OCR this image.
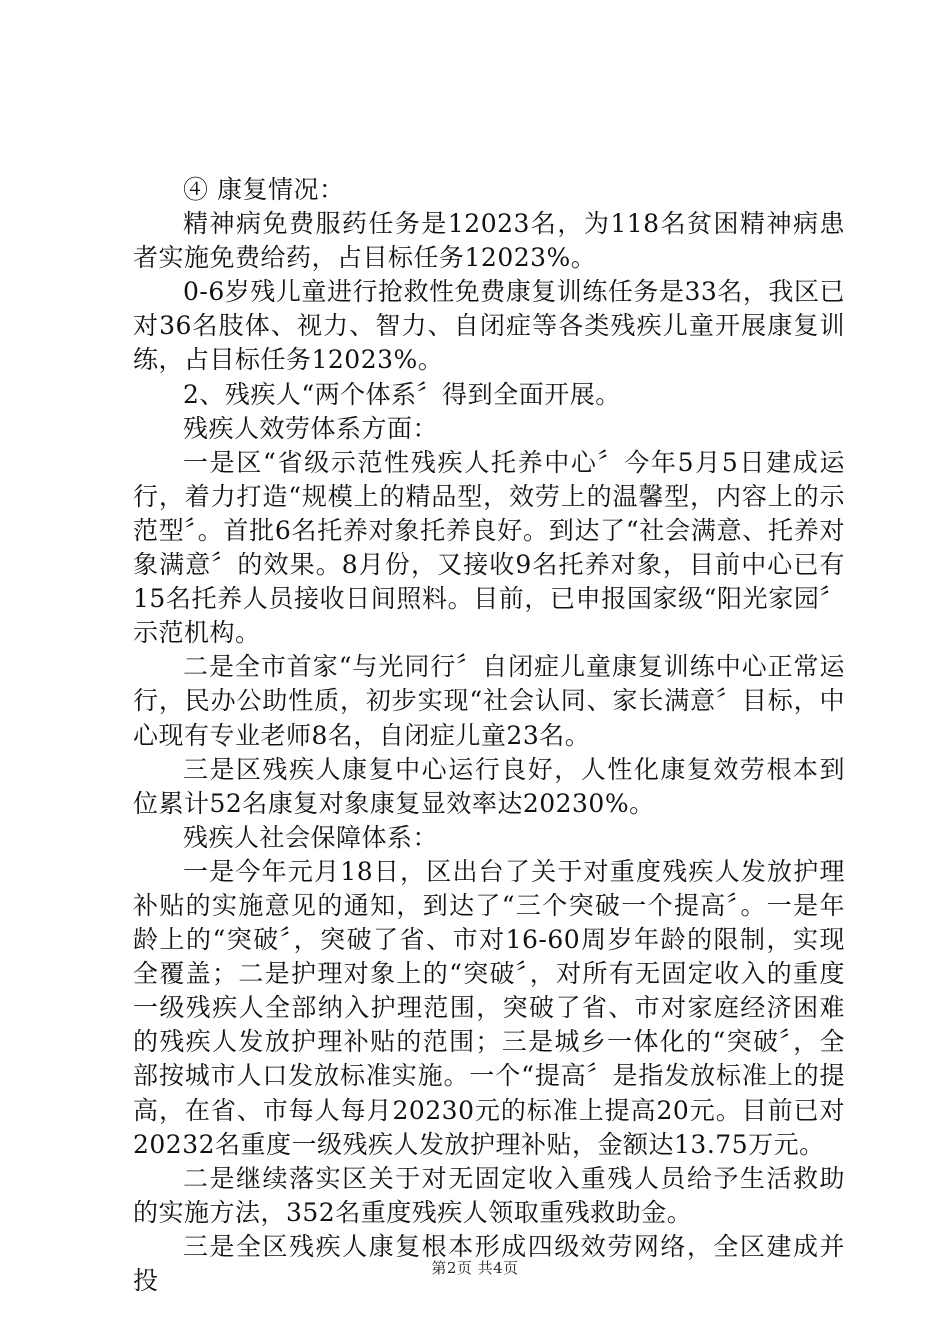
④ 康复情况：

精神病免费服药任务是12023名，为118名贫困精神病患者实施免费给药，占目标任务12023%。

0-6岁残儿童进行抢救性免费康复训练任务是33名，我区已对36名肢体、视力、智力、自闭症等各类残疾儿童开展康复训练，占目标任务12023%。

2、残疾人“两个体系〞得到全面开展。

残疾人效劳体系方面：

一是区“省级示范性残疾人托养中心〞今年5月5日建成运行，着力打造“规模上的精品型，效劳上的温馨型，内容上的示范型〞。首批6名托养对象托养良好。到达了“社会满意、托养对象满意〞的效果。8月份，又接收9名托养对象，目前中心已有15名托养人员接收日间照料。目前，已申报国家级“阳光家园〞示范机构。

二是全市首家“与光同行〞自闭症儿童康复训练中心正常运行，民办公助性质，初步实现“社会认同、家长满意〞目标，中心现有专业老师8名，自闭症儿童23名。

三是区残疾人康复中心运行良好，人性化康复效劳根本到位累计52名康复对象康复显效率达20230%。

残疾人社会保障体系：

一是今年元月18日，区出台了关于对重度残疾人发放护理补贴的实施意见的通知，到达了“三个突破一个提高〞。一是年龄上的“突破〞，突破了省、市对16-60周岁年龄的限制，实现全覆盖；二是护理对象上的“突破〞，对所有无固定收入的重度一级残疾人全部纳入护理范围，突破了省、市对家庭经济困难的残疾人发放护理补贴的范围；三是城乡一体化的“突破〞，全部按城市人口发放标准实施。一个“提高〞是指发放标准上的提高，在省、市每人每月20230元的标准上提高20元。目前已对20232名重度一级残疾人发放护理补贴，金额达13.75万元。

二是继续落实区关于对无固定收入重残人员给予生活救助的实施方法，352名重度残疾人领取重残救助金。

三是全区残疾人康复根本形成四级效劳网络，全区建成并投	第2页 共4页
